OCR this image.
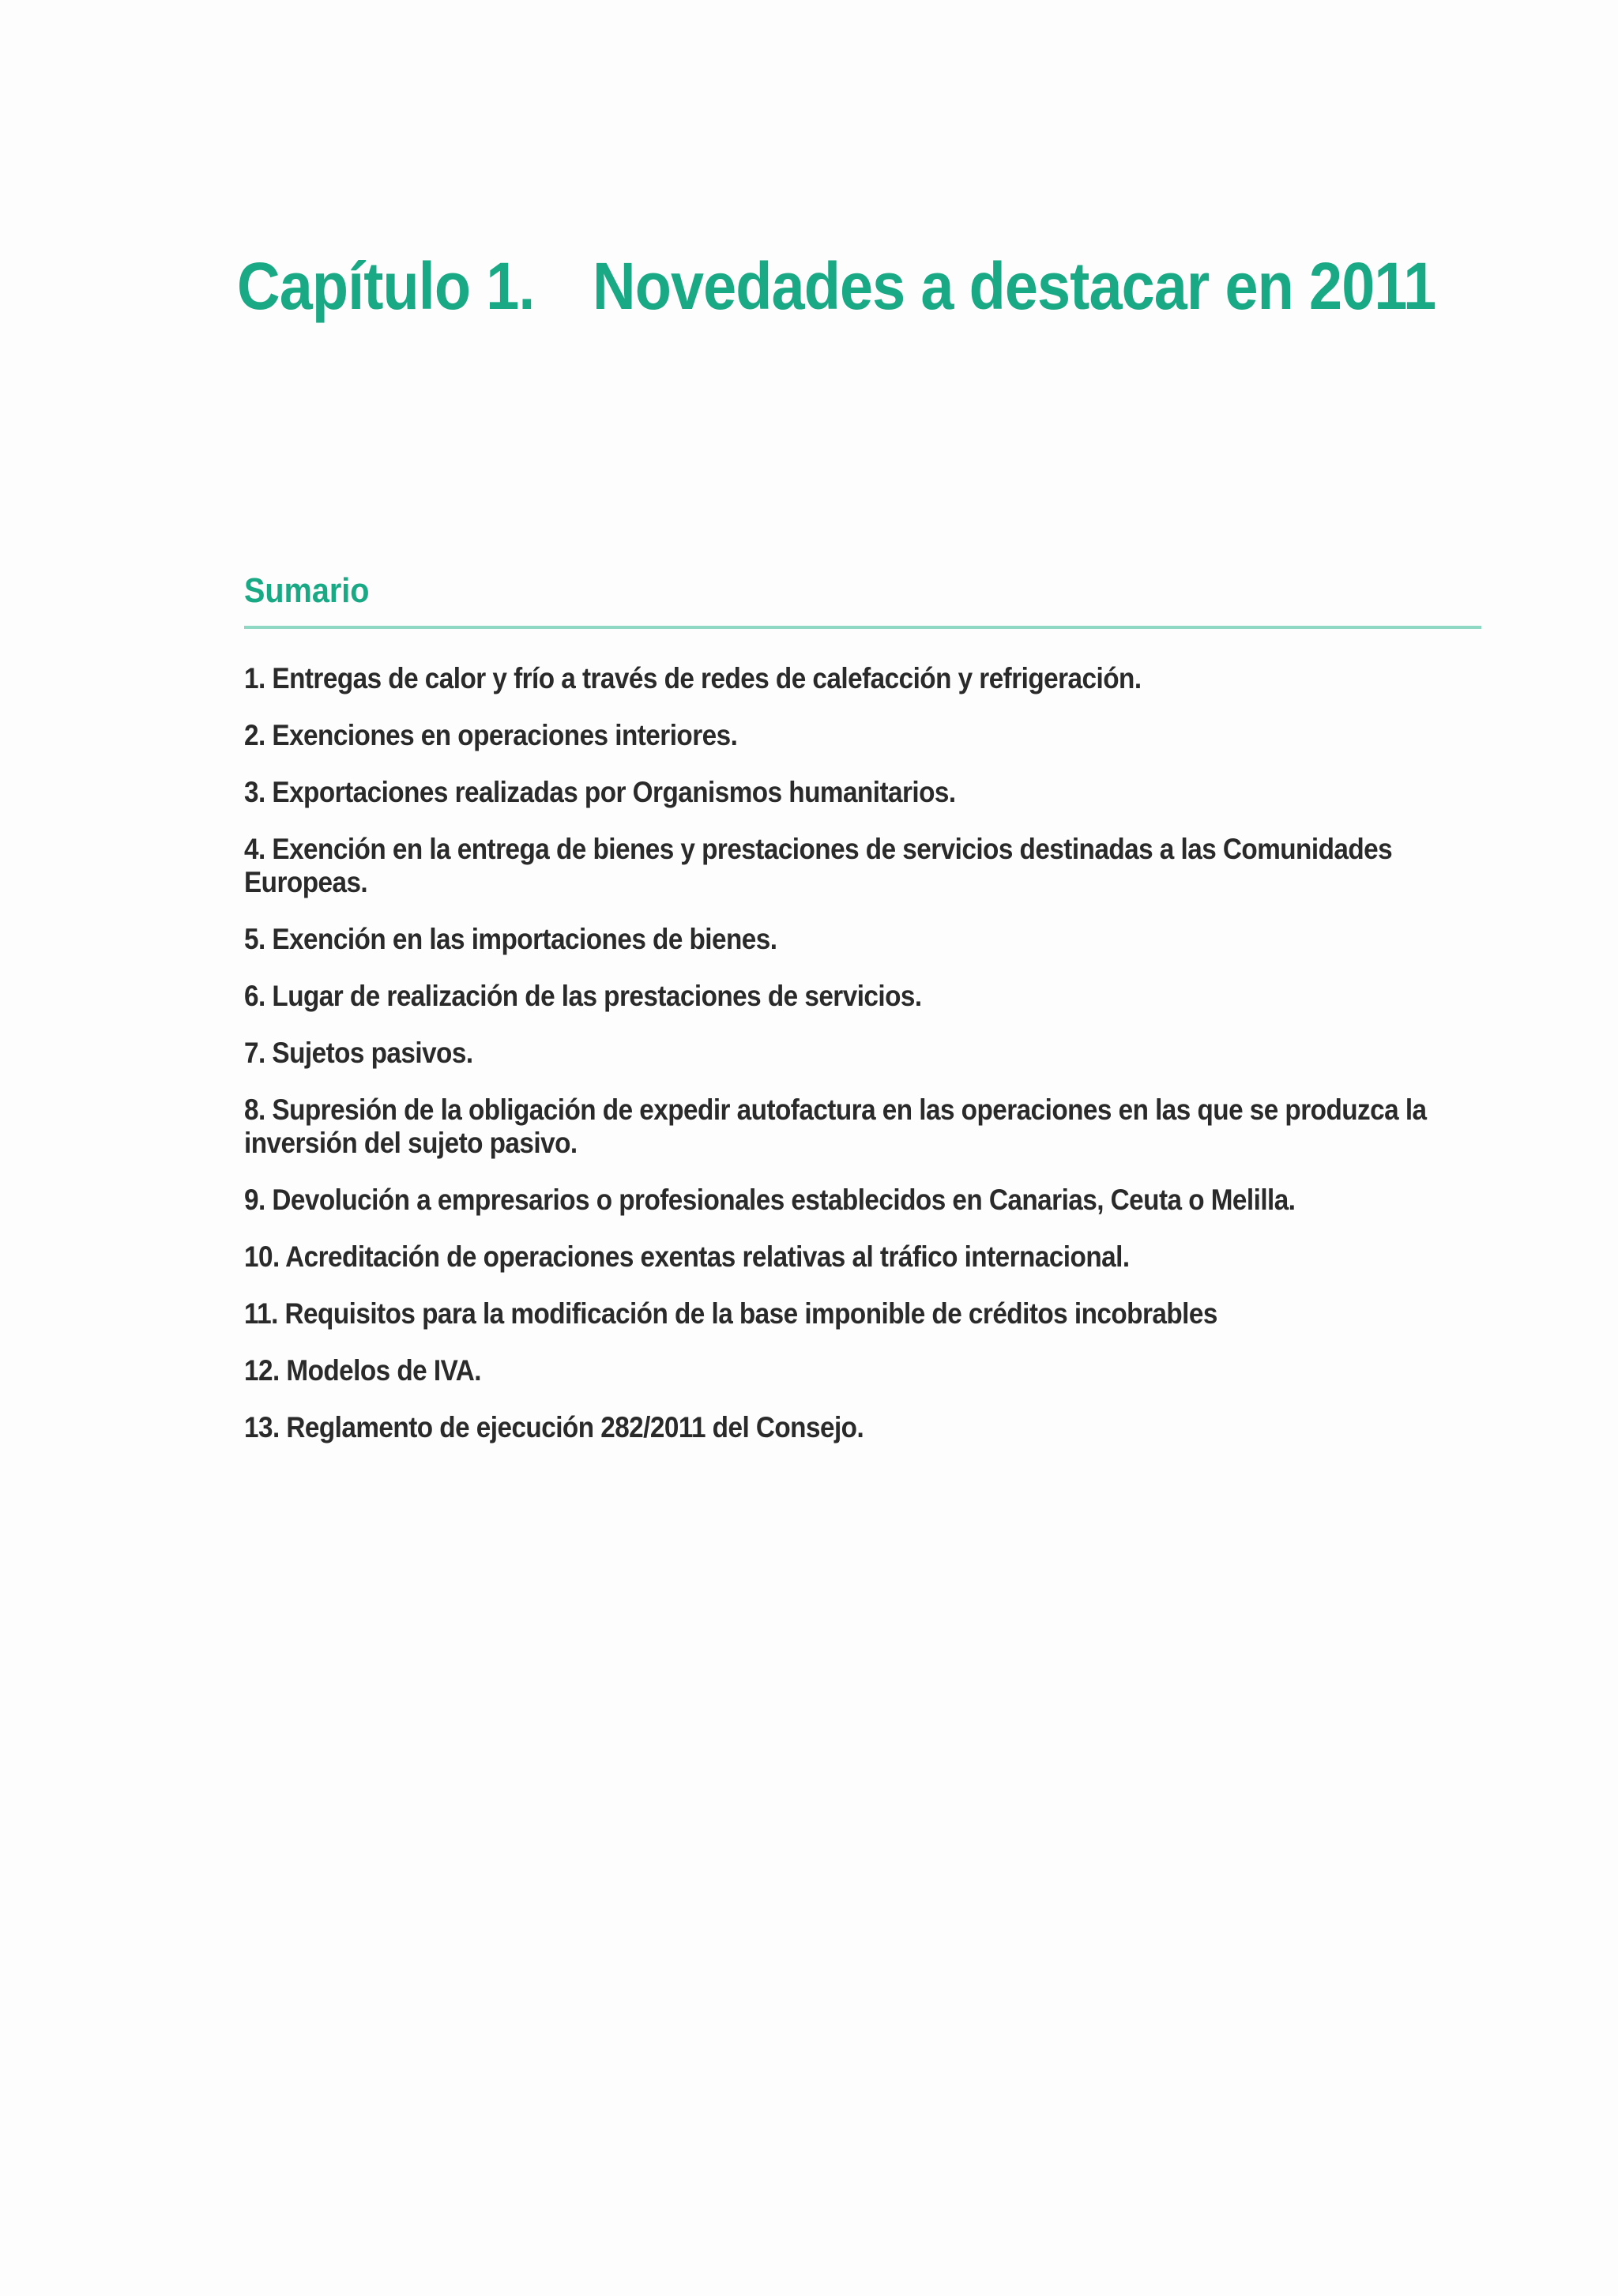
Capítulo 1. Novedades a destacar en 2011
Sumario
1. Entregas de calor y frío a través de redes de calefacción y refrigeración.
2. Exenciones en operaciones interiores.
3. Exportaciones realizadas por Organismos humanitarios.
4. Exención en la entrega de bienes y prestaciones de servicios destinadas a las Comunidades Europeas.
5. Exención en las importaciones de bienes.
6. Lugar de realización de las prestaciones de servicios.
7. Sujetos pasivos.
8. Supresión de la obligación de expedir autofactura en las operaciones en las que se produzca la inversión del sujeto pasivo.
9. Devolución a empresarios o profesionales establecidos en Canarias, Ceuta o Melilla.
10. Acreditación de operaciones exentas relativas al tráfico internacional.
11. Requisitos para la modificación de la base imponible de créditos incobrables
12. Modelos de IVA.
13. Reglamento de ejecución 282/2011 del Consejo.
